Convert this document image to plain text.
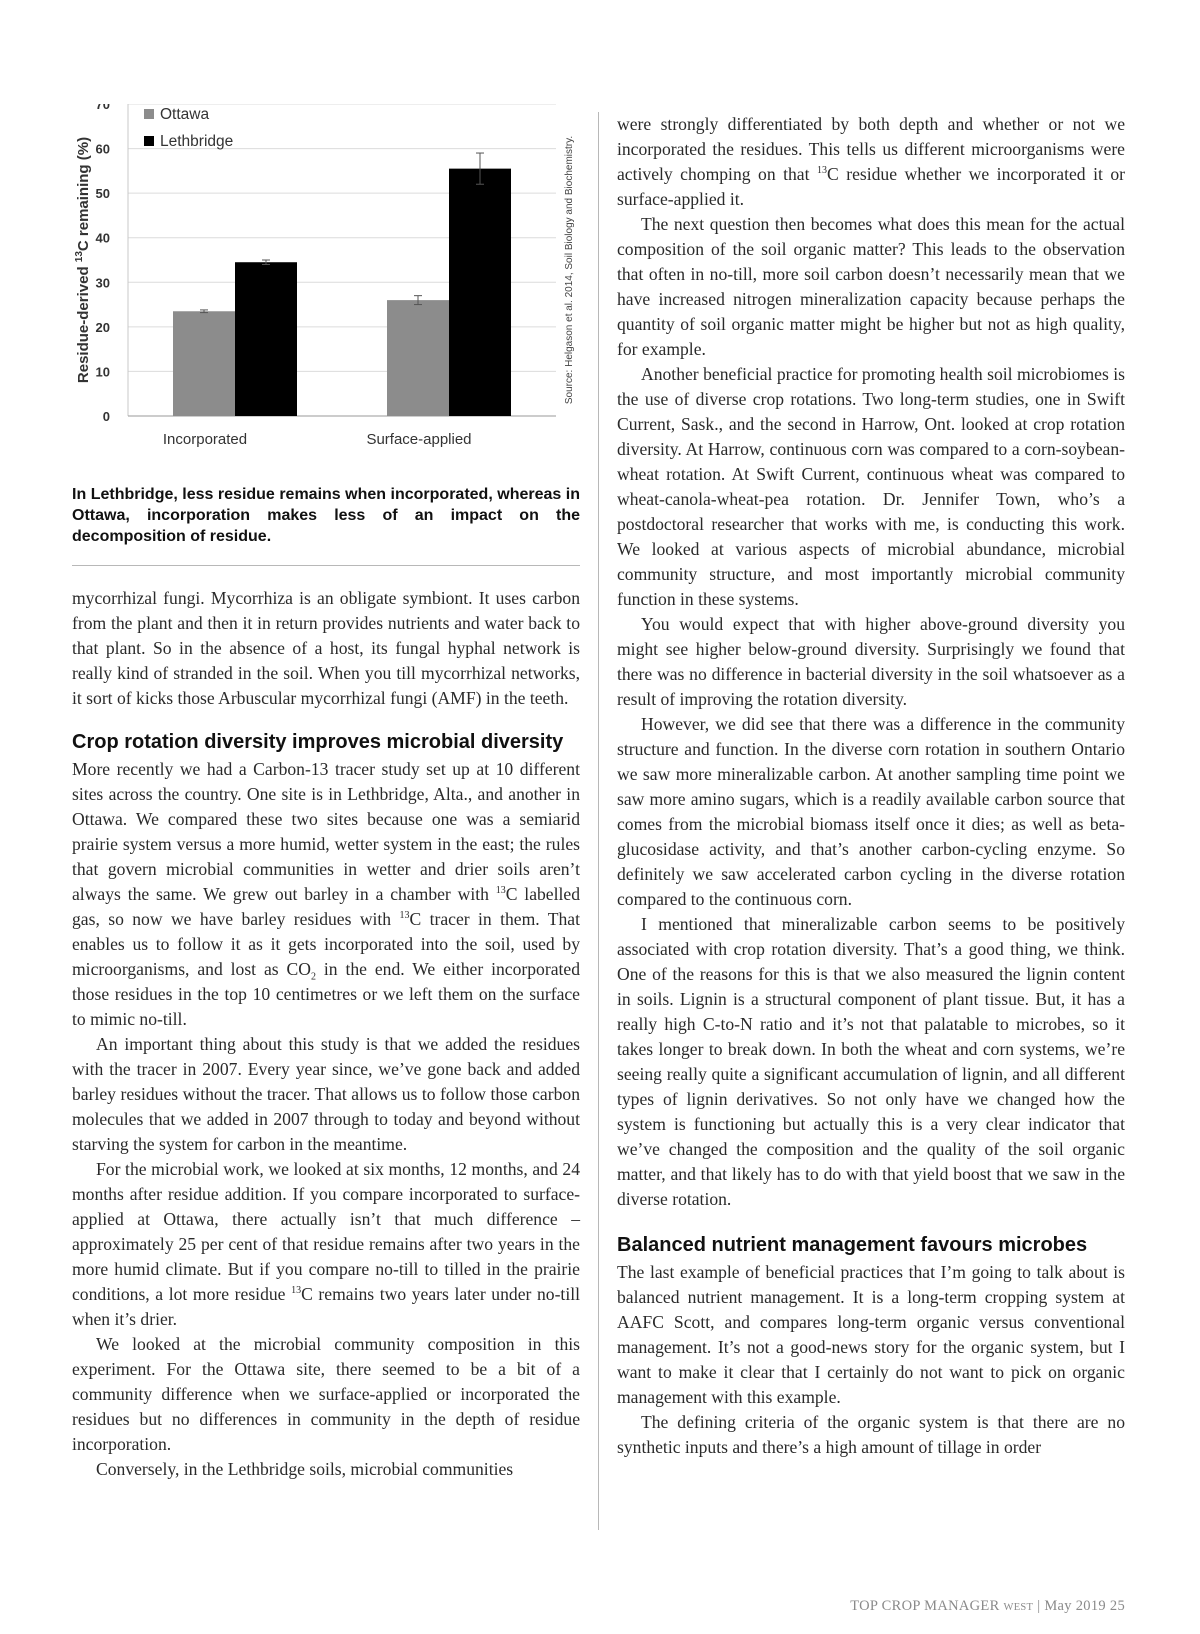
0
10
20
30
40
50
60
70
Incorporated	Surface-applied
Ottawa
Lethbridge
Residue-derived $^{13}$C remaining (%)	Source: Helgason et al. 2014, Soil Biology and Biochemistry.

In Lethbridge, less residue remains when incorporated, whereas in Ottawa, incorporation makes less of an impact on the decomposition of residue.

mycorrhizal fungi. Mycorrhiza is an obligate symbiont. It uses carbon from the plant and then it in return provides nutrients and water back to that plant. So in the absence of a host, its fungal hyphal network is really kind of stranded in the soil. When you till mycorrhizal networks, it sort of kicks those Arbuscular mycorrhizal fungi (AMF) in the teeth.

Crop rotation diversity improves microbial diversity

More recently we had a Carbon-13 tracer study set up at 10 different sites across the country. One site is in Lethbridge, Alta., and another in Ottawa. We compared these two sites because one was a semiarid prairie system versus a more humid, wetter system in the east; the rules that govern microbial communities in wetter and drier soils aren’t always the same. We grew out barley in a chamber with $^{13}$C labelled gas, so now we have barley residues with $^{13}$C tracer in them. That enables us to follow it as it gets incorporated into the soil, used by microorganisms, and lost as $CO_2$ in the end. We either incorporated those residues in the top 10 centimetres or we left them on the surface to mimic no-till.

An important thing about this study is that we added the residues with the tracer in 2007. Every year since, we’ve gone back and added barley residues without the tracer. That allows us to follow those carbon molecules that we added in 2007 through to today and beyond without starving the system for carbon in the meantime.

For the microbial work, we looked at six months, 12 months, and 24 months after residue addition. If you compare incorporated to surface-applied at Ottawa, there actually isn’t that much difference – approximately 25 per cent of that residue remains after two years in the more humid climate. But if you compare no-till to tilled in the prairie conditions, a lot more residue $^{13}$C remains two years later under no-till when it’s drier.

We looked at the microbial community composition in this experiment. For the Ottawa site, there seemed to be a bit of a community difference when we surface-applied or incorporated the residues but no differences in community in the depth of residue incorporation.

Conversely, in the Lethbridge soils, microbial communities

were strongly differentiated by both depth and whether or not we incorporated the residues. This tells us different microorganisms were actively chomping on that $^{13}$C residue whether we incorporated it or surface-applied it.

The next question then becomes what does this mean for the actual composition of the soil organic matter? This leads to the observation that often in no-till, more soil carbon doesn’t necessarily mean that we have increased nitrogen mineralization capacity because perhaps the quantity of soil organic matter might be higher but not as high quality, for example.

Another beneficial practice for promoting health soil microbiomes is the use of diverse crop rotations. Two long-term studies, one in Swift Current, Sask., and the second in Harrow, Ont. looked at crop rotation diversity. At Harrow, continuous corn was compared to a corn-soybean-wheat rotation. At Swift Current, continuous wheat was compared to wheat-canola-wheat-pea rotation. Dr. Jennifer Town, who’s a postdoctoral researcher that works with me, is conducting this work. We looked at various aspects of microbial abundance, microbial community structure, and most importantly microbial community function in these systems.

You would expect that with higher above-ground diversity you might see higher below-ground diversity. Surprisingly we found that there was no difference in bacterial diversity in the soil whatsoever as a result of improving the rotation diversity.

However, we did see that there was a difference in the community structure and function. In the diverse corn rotation in southern Ontario we saw more mineralizable carbon. At another sampling time point we saw more amino sugars, which is a readily available carbon source that comes from the microbial biomass itself once it dies; as well as beta-glucosidase activity, and that’s another carbon-cycling enzyme. So definitely we saw accelerated carbon cycling in the diverse rotation compared to the continuous corn.

I mentioned that mineralizable carbon seems to be positively associated with crop rotation diversity. That’s a good thing, we think. One of the reasons for this is that we also measured the lignin content in soils. Lignin is a structural component of plant tissue. But, it has a really high C-to-N ratio and it’s not that palatable to microbes, so it takes longer to break down. In both the wheat and corn systems, we’re seeing really quite a significant accumulation of lignin, and all different types of lignin derivatives. So not only have we changed how the system is functioning but actually this is a very clear indicator that we’ve changed the composition and the quality of the soil organic matter, and that likely has to do with that yield boost that we saw in the diverse rotation.

Balanced nutrient management favours microbes

The last example of beneficial practices that I’m going to talk about is balanced nutrient management. It is a long-term cropping system at AAFC Scott, and compares long-term organic versus conventional management. It’s not a good-news story for the organic system, but I want to make it clear that I certainly do not want to pick on organic management with this example.

The defining criteria of the organic system is that there are no synthetic inputs and there’s a high amount of tillage in order

TOP CROP MANAGER WEST | May 2019 25
